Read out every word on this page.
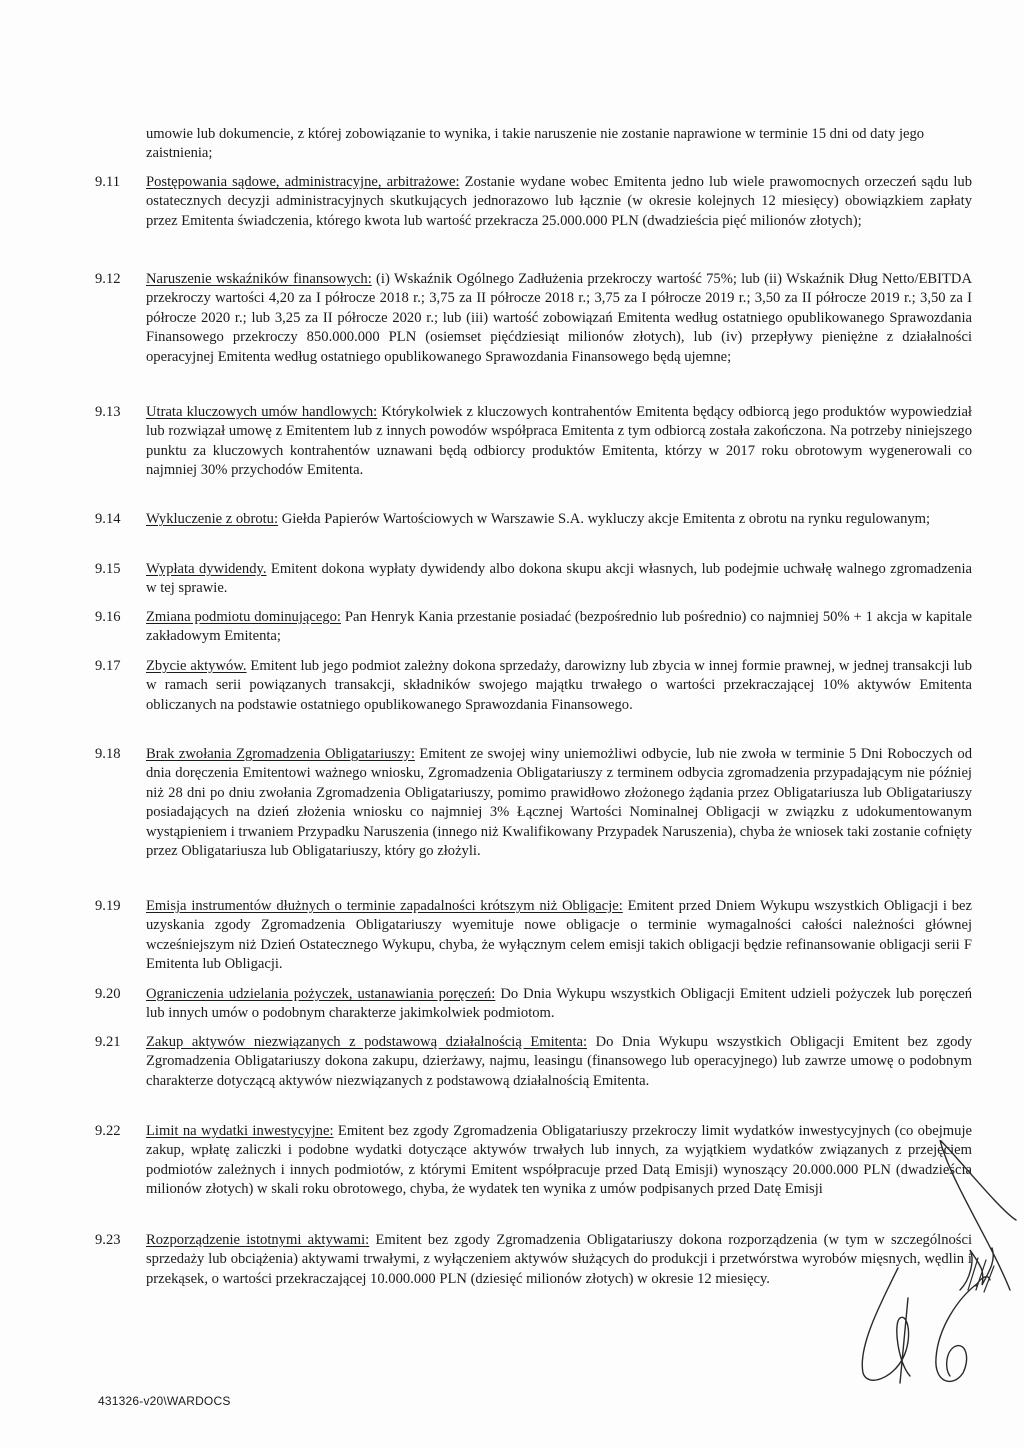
umowie lub dokumencie, z której zobowiązanie to wynika, i takie naruszenie nie zostanie naprawione w terminie 15 dni od daty jego zaistnienia;
9.11	Postępowania sądowe, administracyjne, arbitrażowe: Zostanie wydane wobec Emitenta jedno lub wiele prawomocnych orzeczeń sądu lub ostatecznych decyzji administracyjnych skutkujących jednorazowo lub łącznie (w okresie kolejnych 12 miesięcy) obowiązkiem zapłaty przez Emitenta świadczenia, którego kwota lub wartość przekracza 25.000.000 PLN (dwadzieścia pięć milionów złotych);
9.12	Naruszenie wskaźników finansowych: (i) Wskaźnik Ogólnego Zadłużenia przekroczy wartość 75%; lub (ii) Wskaźnik Dług Netto/EBITDA przekroczy wartości 4,20 za I półrocze 2018 r.; 3,75 za II półrocze 2018 r.; 3,75 za I półrocze 2019 r.; 3,50 za II półrocze 2019 r.; 3,50 za I półrocze 2020 r.; lub 3,25 za II półrocze 2020 r.; lub (iii) wartość zobowiązań Emitenta według ostatniego opublikowanego Sprawozdania Finansowego przekroczy 850.000.000 PLN (osiemset pięćdziesiąt milionów złotych), lub (iv) przepływy pieniężne z działalności operacyjnej Emitenta według ostatniego opublikowanego Sprawozdania Finansowego będą ujemne;
9.13	Utrata kluczowych umów handlowych: Którykolwiek z kluczowych kontrahentów Emitenta będący odbiorcą jego produktów wypowiedział lub rozwiązał umowę z Emitentem lub z innych powodów współpraca Emitenta z tym odbiorcą została zakończona. Na potrzeby niniejszego punktu za kluczowych kontrahentów uznawani będą odbiorcy produktów Emitenta, którzy w 2017 roku obrotowym wygenerowali co najmniej 30% przychodów Emitenta.
9.14	Wykluczenie z obrotu: Giełda Papierów Wartościowych w Warszawie S.A. wykluczy akcje Emitenta z obrotu na rynku regulowanym;
9.15	Wypłata dywidendy. Emitent dokona wypłaty dywidendy albo dokona skupu akcji własnych, lub podejmie uchwałę walnego zgromadzenia w tej sprawie.
9.16	Zmiana podmiotu dominującego: Pan Henryk Kania przestanie posiadać (bezpośrednio lub pośrednio) co najmniej 50% + 1 akcja w kapitale zakładowym Emitenta;
9.17	Zbycie aktywów. Emitent lub jego podmiot zależny dokona sprzedaży, darowizny lub zbycia w innej formie prawnej, w jednej transakcji lub w ramach serii powiązanych transakcji, składników swojego majątku trwałego o wartości przekraczającej 10% aktywów Emitenta obliczanych na podstawie ostatniego opublikowanego Sprawozdania Finansowego.
9.18	Brak zwołania Zgromadzenia Obligatariuszy: Emitent ze swojej winy uniemożliwi odbycie, lub nie zwoła w terminie 5 Dni Roboczych od dnia doręczenia Emitentowi ważnego wniosku, Zgromadzenia Obligatariuszy z terminem odbycia zgromadzenia przypadającym nie później niż 28 dni po dniu zwołania Zgromadzenia Obligatariuszy, pomimo prawidłowo złożonego żądania przez Obligatariusza lub Obligatariuszy posiadających na dzień złożenia wniosku co najmniej 3% Łącznej Wartości Nominalnej Obligacji w związku z udokumentowanym wystąpieniem i trwaniem Przypadku Naruszenia (innego niż Kwalifikowany Przypadek Naruszenia), chyba że wniosek taki zostanie cofnięty przez Obligatariusza lub Obligatariuszy, który go złożyli.
9.19	Emisja instrumentów dłużnych o terminie zapadalności krótszym niż Obligacje: Emitent przed Dniem Wykupu wszystkich Obligacji i bez uzyskania zgody Zgromadzenia Obligatariuszy wyemituje nowe obligacje o terminie wymagalności całości należności głównej wcześniejszym niż Dzień Ostatecznego Wykupu, chyba, że wyłącznym celem emisji takich obligacji będzie refinansowanie obligacji serii F Emitenta lub Obligacji.
9.20	Ograniczenia udzielania pożyczek, ustanawiania poręczeń: Do Dnia Wykupu wszystkich Obligacji Emitent udzieli pożyczek lub poręczeń lub innych umów o podobnym charakterze jakimkolwiek podmiotom.
9.21	Zakup aktywów niezwiązanych z podstawową działalnością Emitenta: Do Dnia Wykupu wszystkich Obligacji Emitent bez zgody Zgromadzenia Obligatariuszy dokona zakupu, dzierżawy, najmu, leasingu (finansowego lub operacyjnego) lub zawrze umowę o podobnym charakterze dotyczącą aktywów niezwiązanych z podstawową działalnością Emitenta.
9.22	Limit na wydatki inwestycyjne: Emitent bez zgody Zgromadzenia Obligatariuszy przekroczy limit wydatków inwestycyjnych (co obejmuje zakup, wpłatę zaliczki i podobne wydatki dotyczące aktywów trwałych lub innych, za wyjątkiem wydatków związanych z przejęciem podmiotów zależnych i innych podmiotów, z którymi Emitent współpracuje przed Datą Emisji) wynoszący 20.000.000 PLN (dwadzieścia milionów złotych) w skali roku obrotowego, chyba, że wydatek ten wynika z umów podpisanych przed Datę Emisji
9.23	Rozporządzenie istotnymi aktywami: Emitent bez zgody Zgromadzenia Obligatariuszy dokona rozporządzenia (w tym w szczególności sprzedaży lub obciążenia) aktywami trwałymi, z wyłączeniem aktywów służących do produkcji i przetwórstwa wyrobów mięsnych, wędlin i przekąsek, o wartości przekraczającej 10.000.000 PLN (dziesięć milionów złotych) w okresie 12 miesięcy.
431326-v20\WARDOCS
